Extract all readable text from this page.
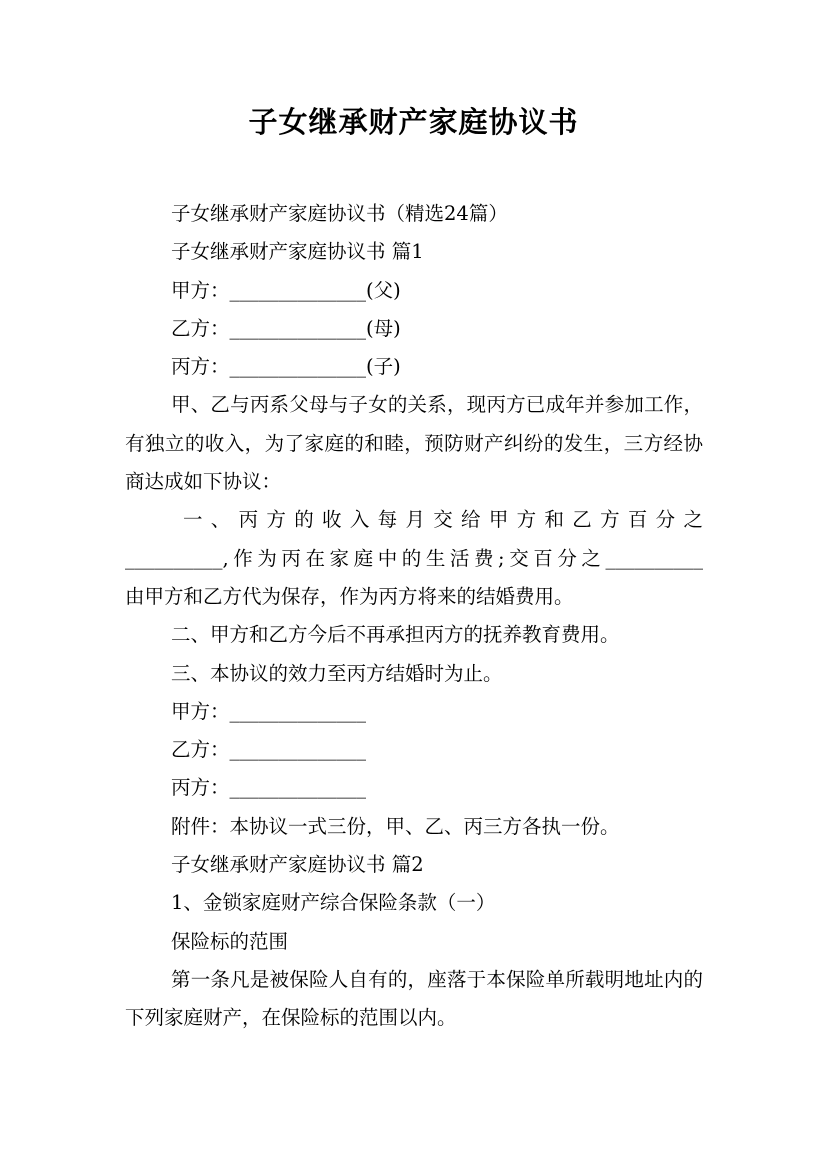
子女继承财产家庭协议书
子女继承财产家庭协议书（精选24篇）
子女继承财产家庭协议书 篇1
甲方：______________(父)
乙方：______________(母)
丙方：______________(子)
甲、乙与丙系父母与子女的关系，现丙方已成年并参加工作，有独立的收入，为了家庭的和睦，预防财产纠纷的发生，三方经协商达成如下协议：
一、丙方的收入每月交给甲方和乙方百分之
__________,作为丙在家庭中的生活费;交百分之__________
由甲方和乙方代为保存，作为丙方将来的结婚费用。
二、甲方和乙方今后不再承担丙方的抚养教育费用。
三、本协议的效力至丙方结婚时为止。
甲方：______________
乙方：______________
丙方：______________
附件：本协议一式三份，甲、乙、丙三方各执一份。
子女继承财产家庭协议书 篇2
1、金锁家庭财产综合保险条款（一）
保险标的范围
第一条凡是被保险人自有的，座落于本保险单所载明地址内的下列家庭财产，在保险标的范围以内。
